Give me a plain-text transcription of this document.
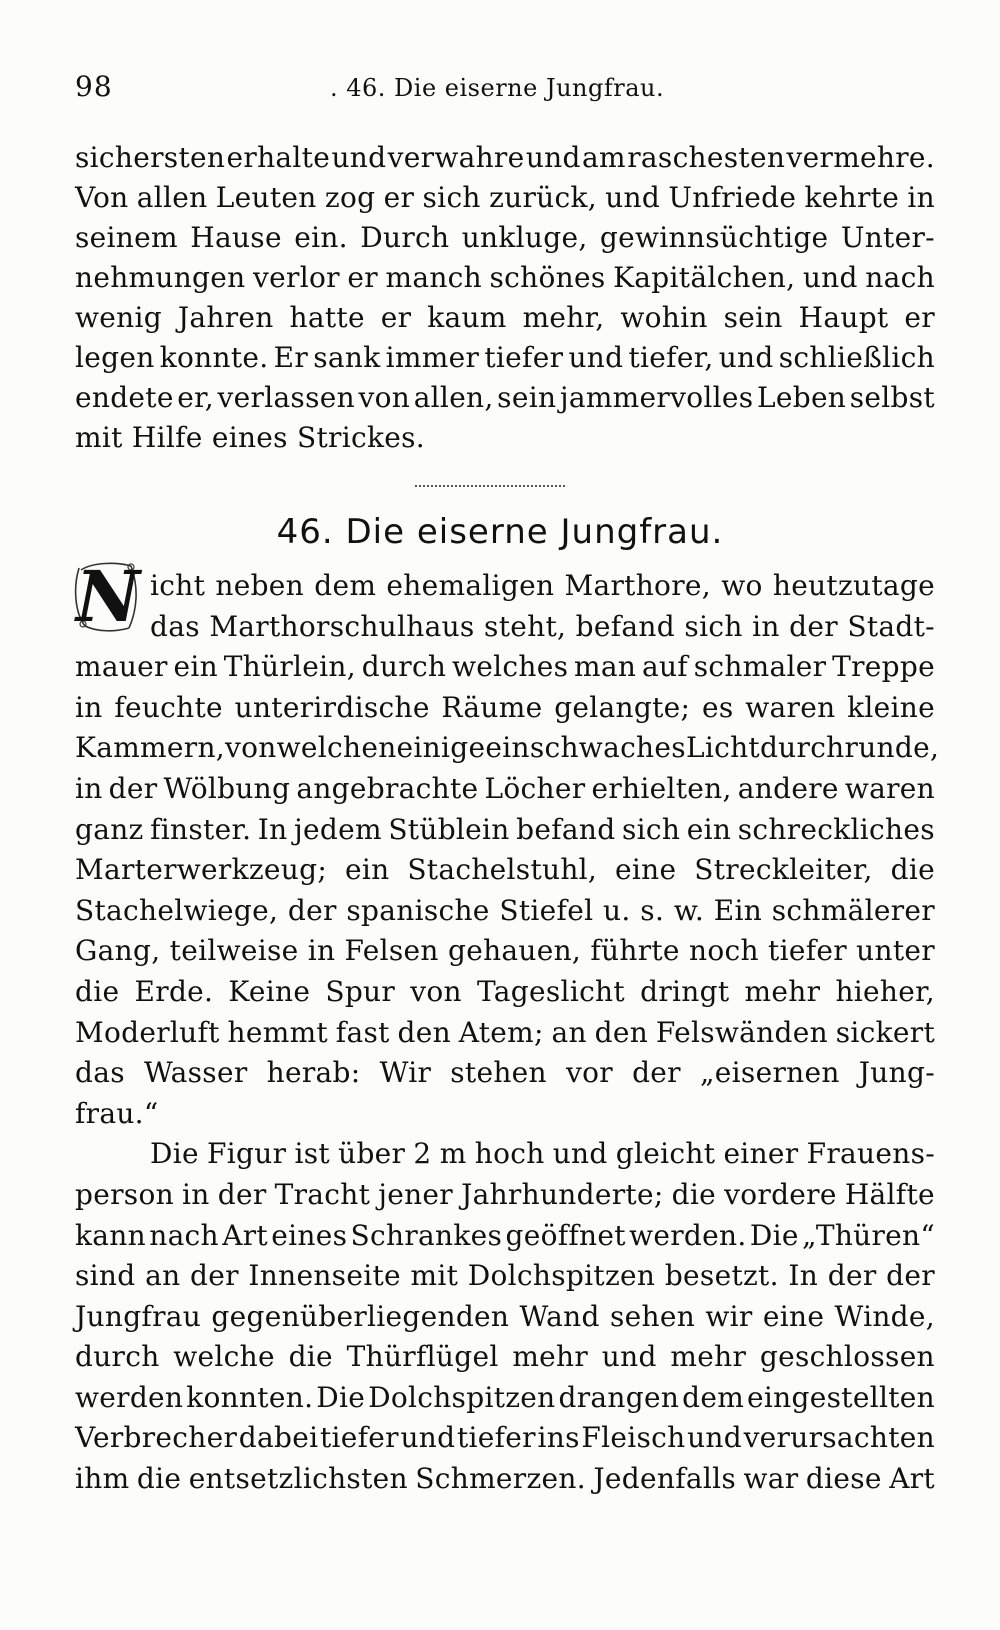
98	. 46. Die eiserne Jungfrau.
sichersten erhalte und verwahre und am raschesten vermehre.
Von allen Leuten zog er sich zurück, und Unfriede kehrte in
seinem Hause ein. Durch unkluge, gewinnsüchtige Unter-
nehmungen verlor er manch schönes Kapitälchen, und nach
wenig Jahren hatte er kaum mehr, wohin sein Haupt er
legen konnte. Er sank immer tiefer und tiefer, und schließlich
endete er, verlassen von allen, sein jammervolles Leben selbst
mit Hilfe eines Strickes.
46. Die eiserne Jungfrau.
N icht neben dem ehemaligen Marthore, wo heutzutage
das Marthorschulhaus steht, befand sich in der Stadt-
mauer ein Thürlein, durch welches man auf schmaler Treppe
in feuchte unterirdische Räume gelangte; es waren kleine
Kammern, von welchen einige ein schwaches Licht durch runde,
in der Wölbung angebrachte Löcher erhielten, andere waren
ganz finster. In jedem Stüblein befand sich ein schreckliches
Marterwerkzeug; ein Stachelstuhl, eine Streckleiter, die
Stachelwiege, der spanische Stiefel u. s. w. Ein schmälerer
Gang, teilweise in Felsen gehauen, führte noch tiefer unter
die Erde. Keine Spur von Tageslicht dringt mehr hieher,
Moderluft hemmt fast den Atem; an den Felswänden sickert
das Wasser herab: Wir stehen vor der „eisernen Jung-
frau.“
Die Figur ist über 2 m hoch und gleicht einer Frauens-
person in der Tracht jener Jahrhunderte; die vordere Hälfte
kann nach Art eines Schrankes geöffnet werden. Die „Thüren“
sind an der Innenseite mit Dolchspitzen besetzt. In der der
Jungfrau gegenüberliegenden Wand sehen wir eine Winde,
durch welche die Thürflügel mehr und mehr geschlossen
werden konnten. Die Dolchspitzen drangen dem eingestellten
Verbrecher dabei tiefer und tiefer ins Fleisch und verursachten
ihm die entsetzlichsten Schmerzen. Jedenfalls war diese Art
